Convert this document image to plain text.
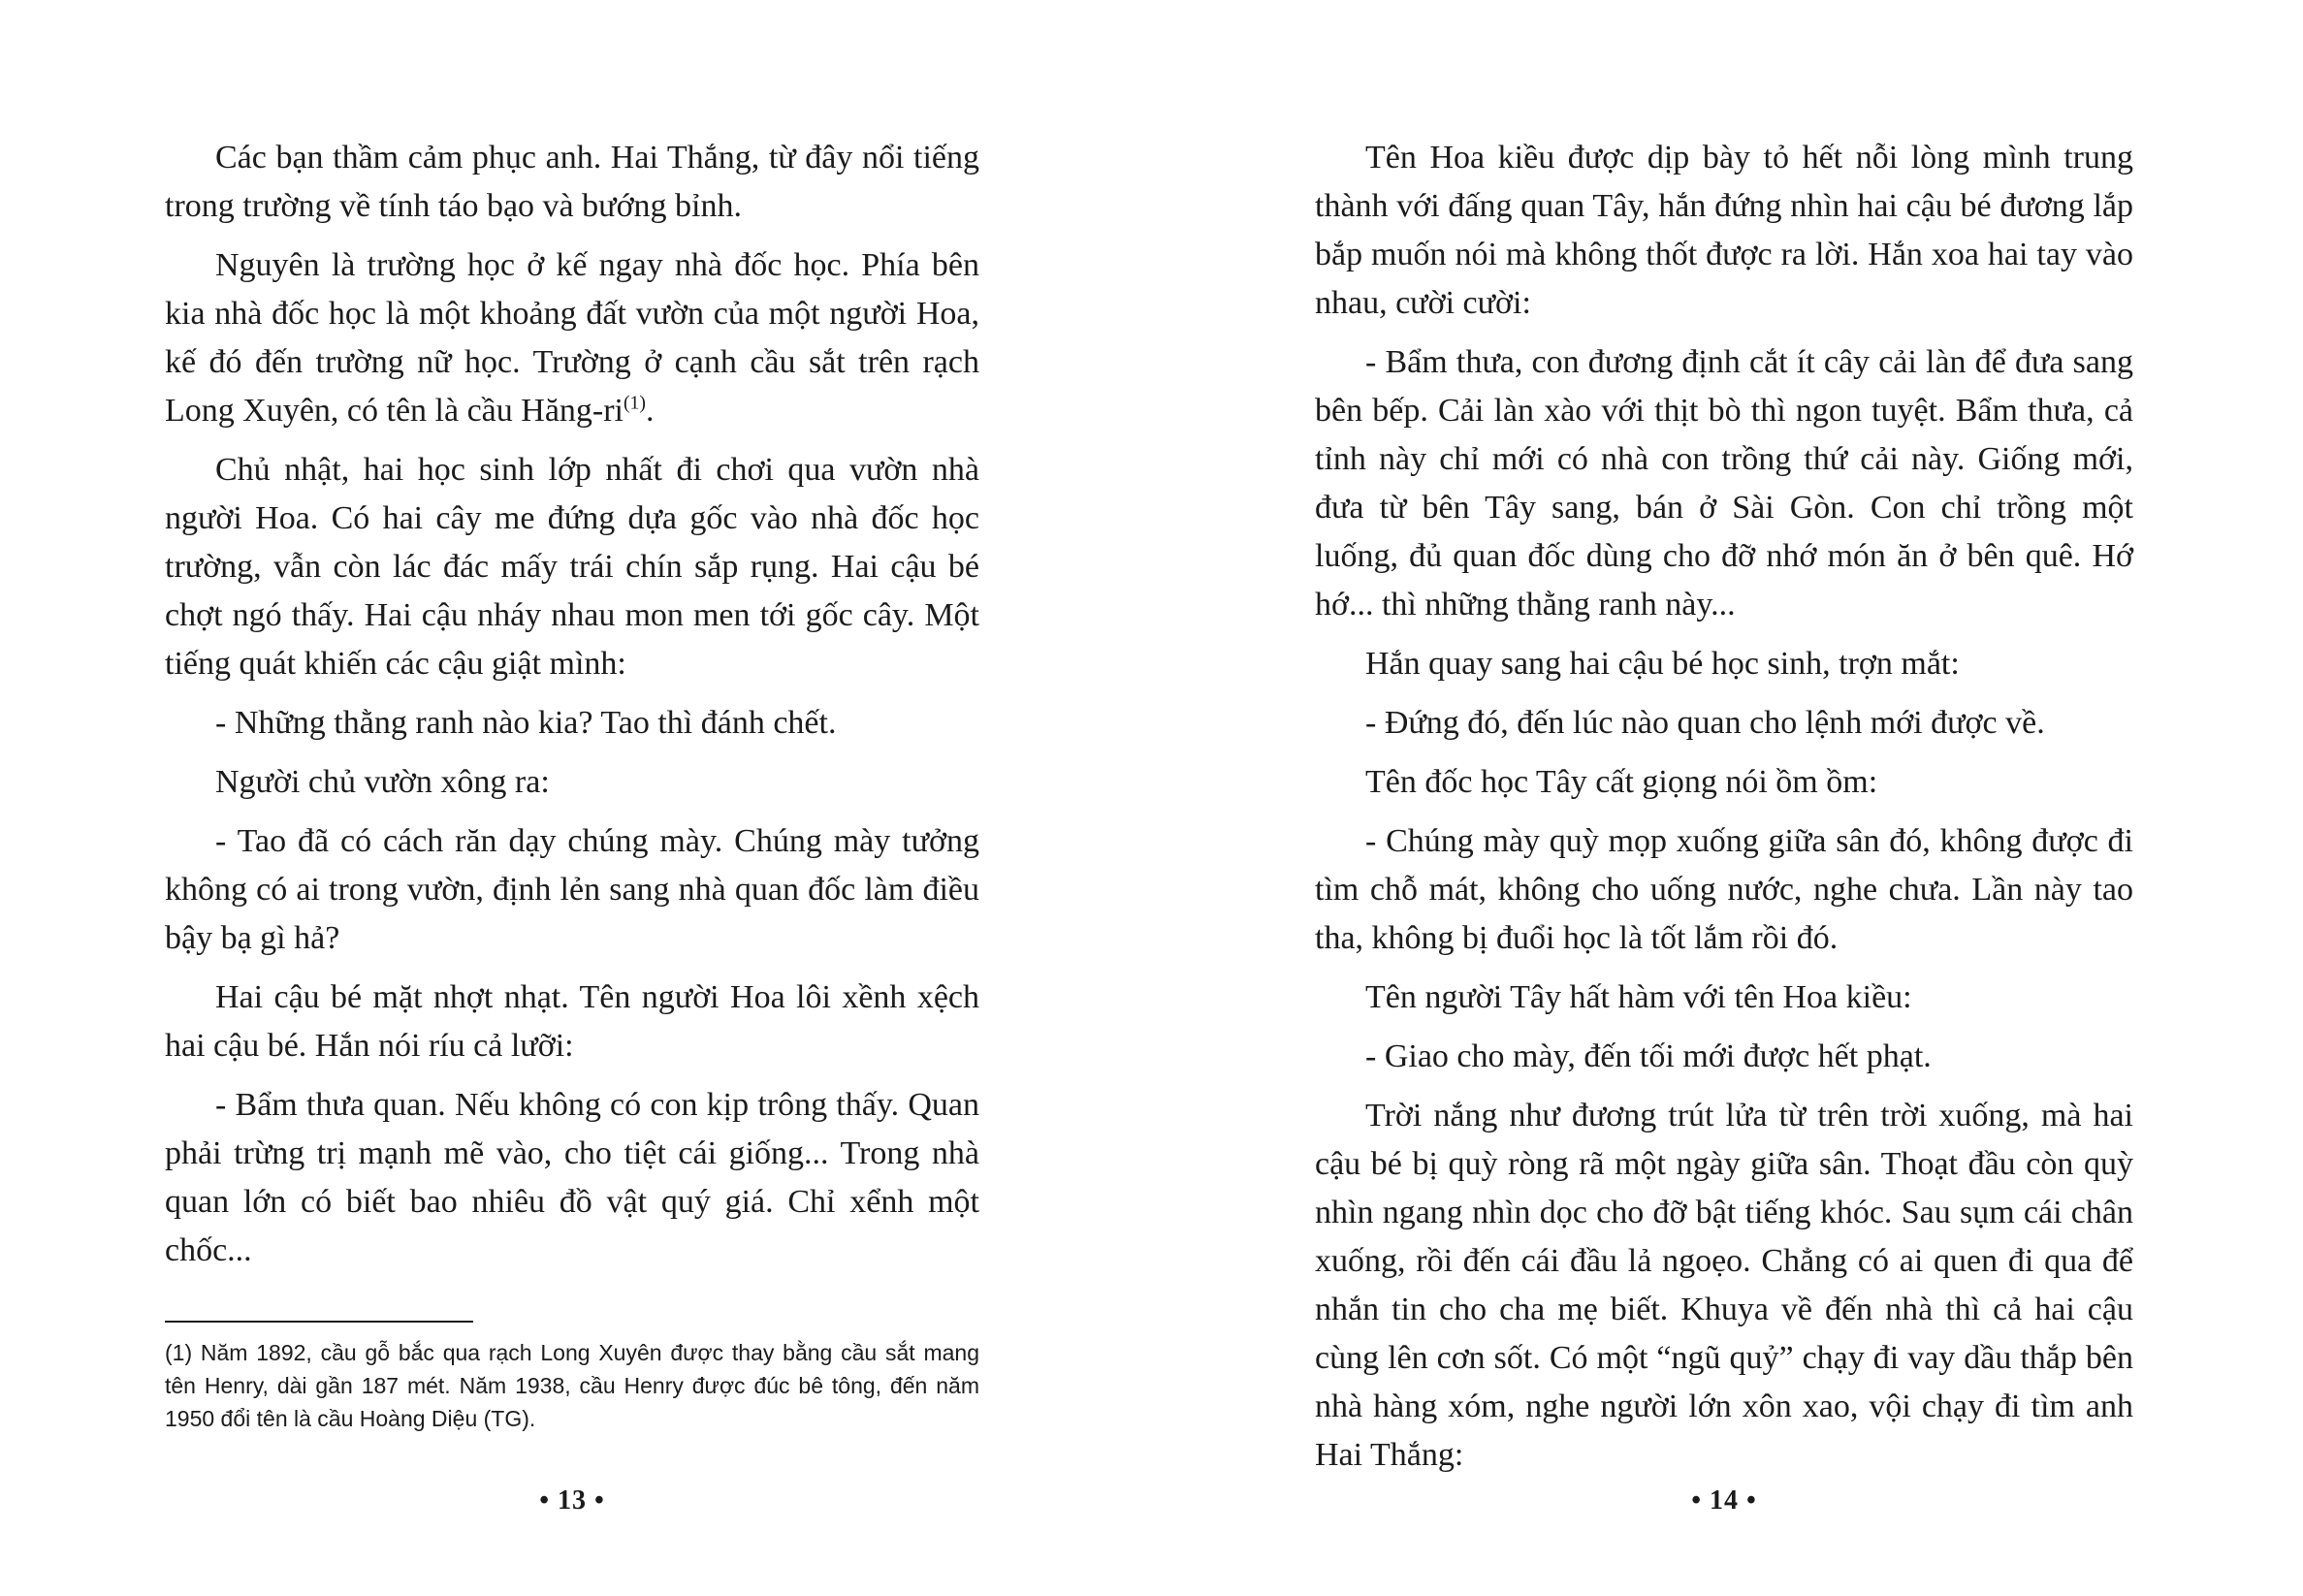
Các bạn thầm cảm phục anh. Hai Thắng, từ đây nổi tiếng trong trường về tính táo bạo và bướng bỉnh.

Nguyên là trường học ở kế ngay nhà đốc học. Phía bên kia nhà đốc học là một khoảng đất vườn của một người Hoa, kế đó đến trường nữ học. Trường ở cạnh cầu sắt trên rạch Long Xuyên, có tên là cầu Hăng-$ri^{(1)}$.

Chủ nhật, hai học sinh lớp nhất đi chơi qua vườn nhà người Hoa. Có hai cây me đứng dựa gốc vào nhà đốc học trường, vẫn còn lác đác mấy trái chín sắp rụng. Hai cậu bé chợt ngó thấy. Hai cậu nháy nhau mon men tới gốc cây. Một tiếng quát khiến các cậu giật mình:

- Những thằng ranh nào kia? Tao thì đánh chết.

Người chủ vườn xông ra:

- Tao đã có cách răn dạy chúng mày. Chúng mày tưởng không có ai trong vườn, định lẻn sang nhà quan đốc làm điều bậy bạ gì hả?

Hai cậu bé mặt nhợt nhạt. Tên người Hoa lôi xềnh xệch hai cậu bé. Hắn nói ríu cả lưỡi:

- Bẩm thưa quan. Nếu không có con kịp trông thấy. Quan phải trừng trị mạnh mẽ vào, cho tiệt cái giống... Trong nhà quan lớn có biết bao nhiêu đồ vật quý giá. Chỉ xểnh một chốc...

(1) Năm 1892, cầu gỗ bắc qua rạch Long Xuyên được thay bằng cầu sắt mang tên Henry, dài gần 187 mét. Năm 1938, cầu Henry được đúc bê tông, đến năm 1950 đổi tên là cầu Hoàng Diệu (TG).

• 13 •

Tên Hoa kiều được dịp bày tỏ hết nỗi lòng mình trung thành với đấng quan Tây, hắn đứng nhìn hai cậu bé đương lắp bắp muốn nói mà không thốt được ra lời. Hắn xoa hai tay vào nhau, cười cười:

- Bẩm thưa, con đương định cắt ít cây cải làn để đưa sang bên bếp. Cải làn xào với thịt bò thì ngon tuyệt. Bẩm thưa, cả tỉnh này chỉ mới có nhà con trồng thứ cải này. Giống mới, đưa từ bên Tây sang, bán ở Sài Gòn. Con chỉ trồng một luống, đủ quan đốc dùng cho đỡ nhớ món ăn ở bên quê. Hớ hớ... thì những thằng ranh này...

Hắn quay sang hai cậu bé học sinh, trợn mắt:

- Đứng đó, đến lúc nào quan cho lệnh mới được về.

Tên đốc học Tây cất giọng nói ồm ồm:

- Chúng mày quỳ mọp xuống giữa sân đó, không được đi tìm chỗ mát, không cho uống nước, nghe chưa. Lần này tao tha, không bị đuổi học là tốt lắm rồi đó.

Tên người Tây hất hàm với tên Hoa kiều:

- Giao cho mày, đến tối mới được hết phạt.

Trời nắng như đương trút lửa từ trên trời xuống, mà hai cậu bé bị quỳ ròng rã một ngày giữa sân. Thoạt đầu còn quỳ nhìn ngang nhìn dọc cho đỡ bật tiếng khóc. Sau sụm cái chân xuống, rồi đến cái đầu lả ngoẹo. Chẳng có ai quen đi qua để nhắn tin cho cha mẹ biết. Khuya về đến nhà thì cả hai cậu cùng lên cơn sốt. Có một “ngũ quỷ” chạy đi vay dầu thắp bên nhà hàng xóm, nghe người lớn xôn xao, vội chạy đi tìm anh Hai Thắng:

• 14 •
